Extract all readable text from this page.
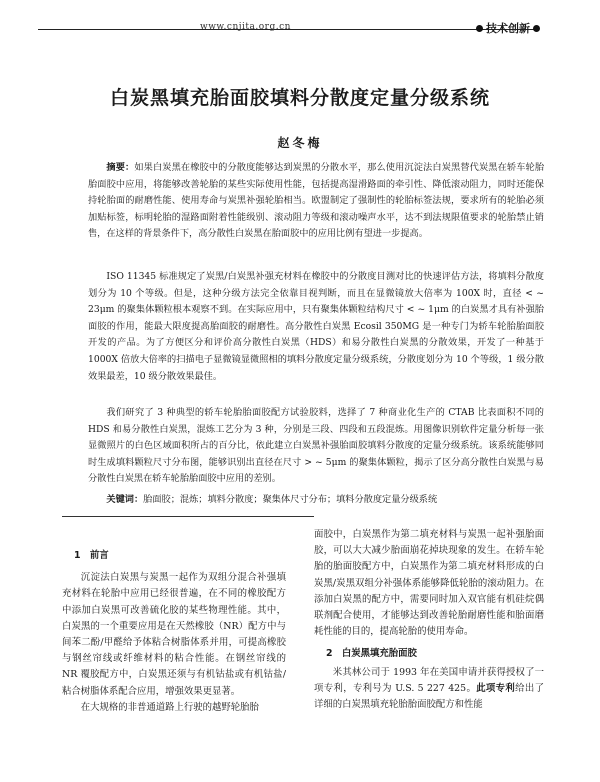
www.cnjita.org.cn	技术创新
白炭黑填充胎面胶填料分散度定量分级系统
赵冬梅
摘要：如果白炭黑在橡胶中的分散度能够达到炭黑的分散水平，那么使用沉淀法白炭黑替代炭黑在轿车轮胎胎面胶中应用，将能够改善轮胎的某些实际使用性能，包括提高湿滑路面的牵引性、降低滚动阻力，同时还能保持轮胎面的耐磨性能、使用寿命与炭黑补强轮胎相当。欧盟制定了强制性的轮胎标签法规，要求所有的轮胎必须加贴标签，标明轮胎的湿路面附着性能级别、滚动阻力等级和滚动噪声水平，达不到法规限值要求的轮胎禁止销售，在这样的背景条件下，高分散性白炭黑在胎面胶中的应用比例有望进一步提高。
ISO 11345 标准规定了炭黑/白炭黑补强充材料在橡胶中的分散度目测对比的快速评估方法，将填料分散度划分为 10 个等级。但是，这种分级方法完全依靠目视判断，而且在显微镜放大倍率为 100X 时，直径 < ~ 23μm 的聚集体颗粒根本观察不到。在实际应用中，只有聚集体颗粒结构尺寸 < ~ 1μm 的白炭黑才具有补强胎面胶的作用，能最大限度提高胎面胶的耐磨性。高分散性白炭黑 Ecosil 350MG 是一种专门为轿车轮胎胎面胶开发的产品。为了方便区分和评价高分散性白炭黑（HDS）和易分散性白炭黑的分散效果，开发了一种基于 1000X 倍放大倍率的扫描电子显微镜显微照相的填料分散度定量分级系统，分散度划分为 10 个等级，1 级分散效果最差，10 级分散效果最佳。
我们研究了 3 种典型的轿车轮胎胎面胶配方试验胶料，选择了 7 种商业化生产的 CTAB 比表面积不同的 HDS 和易分散性白炭黑，混炼工艺分为 3 种，分别是三段、四段和五段混炼。用图像识别软件定量分析每一张显微照片的白色区域面积所占的百分比，依此建立白炭黑补强胎面胶填料分散度的定量分级系统。该系统能够同时生成填料颗粒尺寸分布图，能够识别出直径在尺寸 > ~ 5μm 的聚集体颗粒，揭示了区分高分散性白炭黑与易分散性白炭黑在轿车轮胎胎面胶中应用的差别。
关键词：胎面胶；混炼；填料分散度；聚集体尺寸分布；填料分散度定量分级系统
1　前言

沉淀法白炭黑与炭黑一起作为双组分混合补强填充材料在轮胎中应用已经很普遍，在不同的橡胶配方中添加白炭黑可改善硫化胶的某些物理性能。其中，白炭黑的一个重要应用是在天然橡胶（NR）配方中与间苯二酚/甲醛给予体粘合树脂体系并用，可提高橡胶与钢丝帘线或纤维材料的粘合性能。在钢丝帘线的 NR 覆胶配方中，白炭黑还须与有机钴盐或有机钴盐/粘合树脂体系配合应用，增强效果更显著。

在大规格的非普通道路上行驶的越野轮胎胎

面胶中，白炭黑作为第二填充材料与炭黑一起补强胎面胶，可以大大减少胎面崩花掉块现象的发生。在轿车轮胎的胎面胶配方中，白炭黑作为第二填充材料形成的白炭黑/炭黑双组分补强体系能够降低轮胎的滚动阻力。在添加白炭黑的配方中，需要同时加入双官能有机硅烷偶联剂配合使用，才能够达到改善轮胎耐磨性能和胎面磨耗性能的目的，提高轮胎的使用寿命。

2　白炭黑填充胎面胶

米其林公司于 1993 年在美国申请并获得授权了一项专利，专利号为 U.S. 5 227 425。此项专利给出了详细的白炭黑填充轮胎胎面胶配方和性能
